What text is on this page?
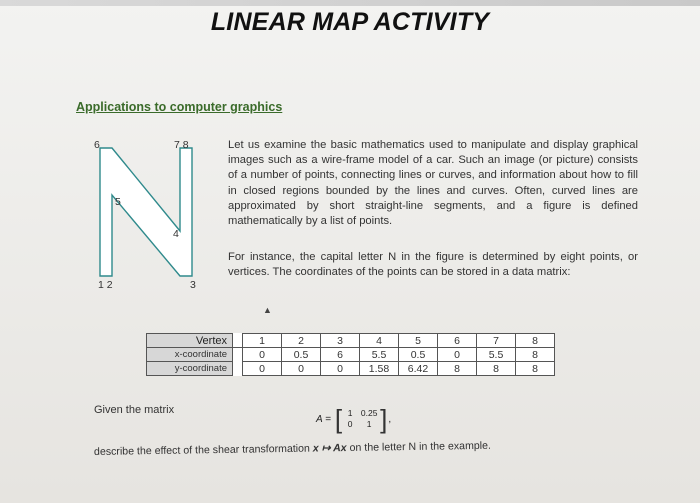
LINEAR MAP ACTIVITY
Applications to computer graphics
1 2	3
4
5
6	7 8	Let us examine the basic mathematics used to manipulate and display graphical images such as a wire-frame model of a car. Such an image (or picture) consists of a number of points, connecting lines or curves, and information about how to fill in closed regions bounded by the lines and curves. Often, curved lines are approximated by short straight-line segments, and a figure is defined mathematically by a list of points.

For instance, the capital letter N in the figure is determined by eight points, or vertices. The coordinates of the points can be stored in a data matrix:

▲
Vertex		1	2	3	4	5	6	7	8
x-coordinate		0	0.5	6	5.5	0.5	0	5.5	8
y-coordinate		0	0	0	1.58	6.42	8	8	8
Given the matrix
A = [ 1 0.25
0	1 ] ,

describe the effect of the shear transformation x ↦ Ax on the letter N in the example.
